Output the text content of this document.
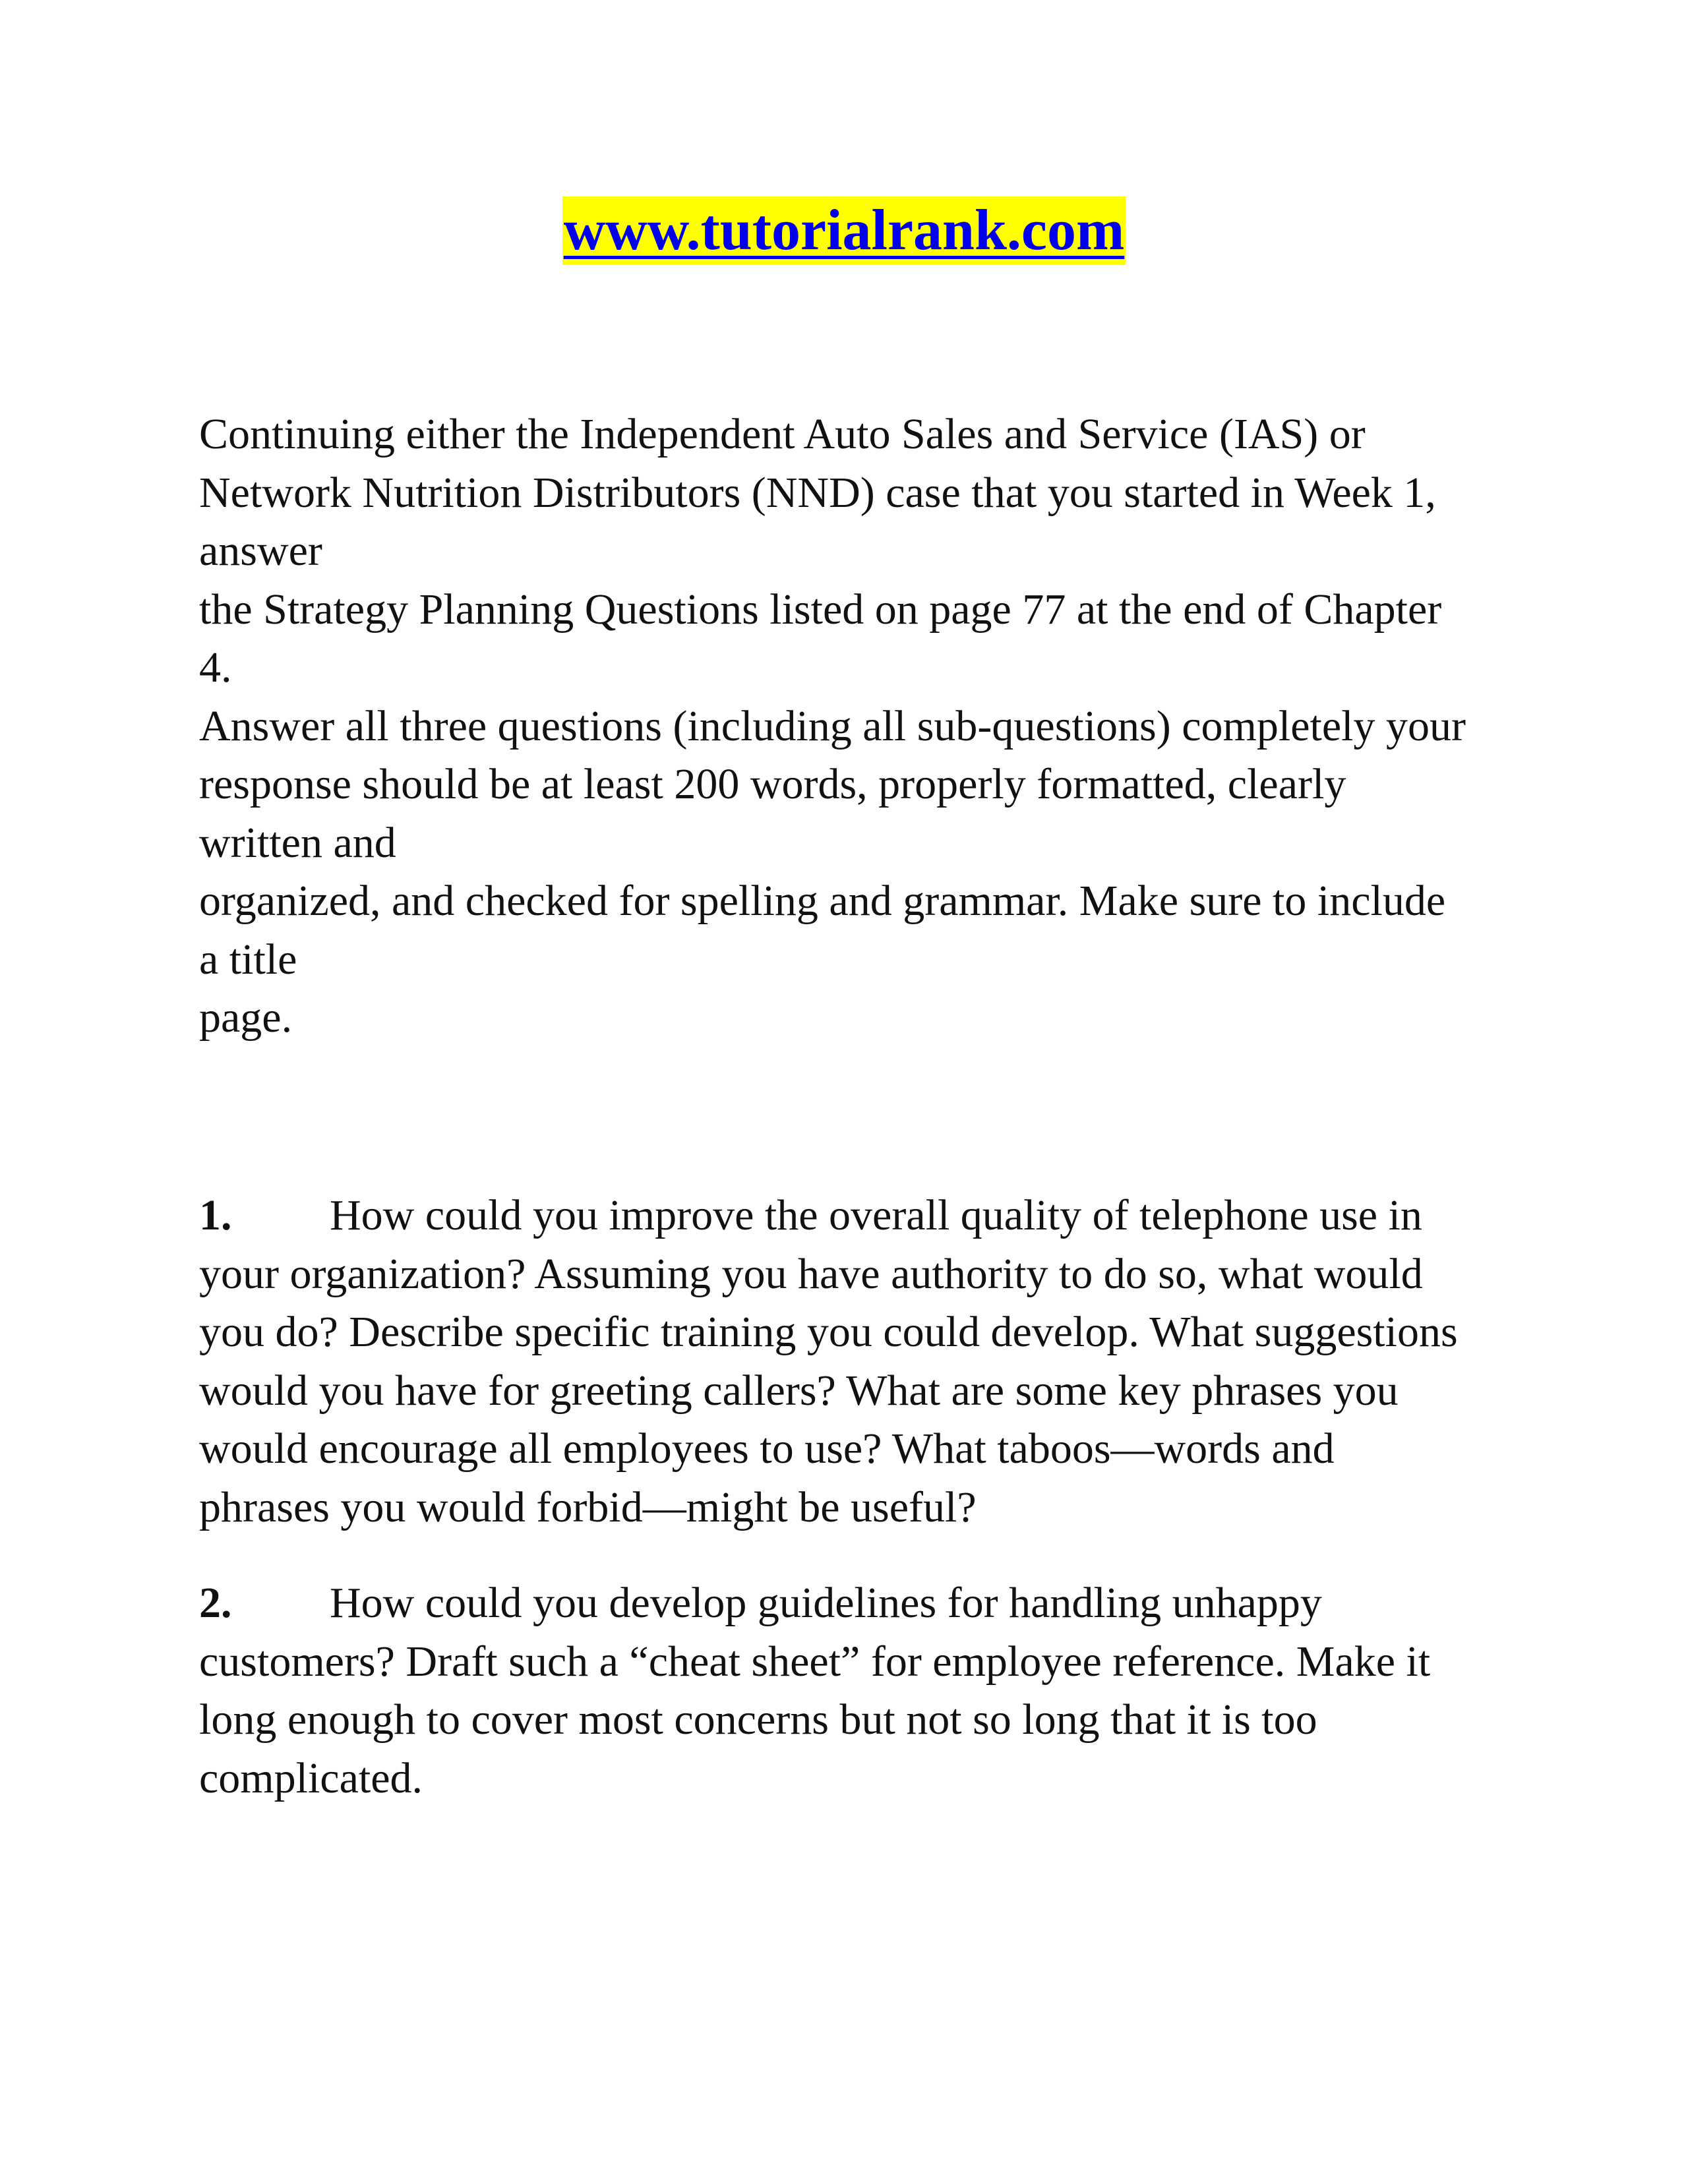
www.tutorialrank.com
Continuing either the Independent Auto Sales and Service (IAS) or
Network Nutrition Distributors (NND) case that you started in Week 1,
answer
the Strategy Planning Questions listed on page 77 at the end of Chapter
4.
Answer all three questions (including all sub-questions) completely your
response should be at least 200 words, properly formatted, clearly
written and
organized, and checked for spelling and grammar. Make sure to include
a title
page.
1. How could you improve the overall quality of telephone use in
your organization? Assuming you have authority to do so, what would
you do? Describe specific training you could develop. What suggestions
would you have for greeting callers? What are some key phrases you
would encourage all employees to use? What taboos—words and
phrases you would forbid—might be useful?
2. How could you develop guidelines for handling unhappy
customers? Draft such a “cheat sheet” for employee reference. Make it
long enough to cover most concerns but not so long that it is too
complicated.
